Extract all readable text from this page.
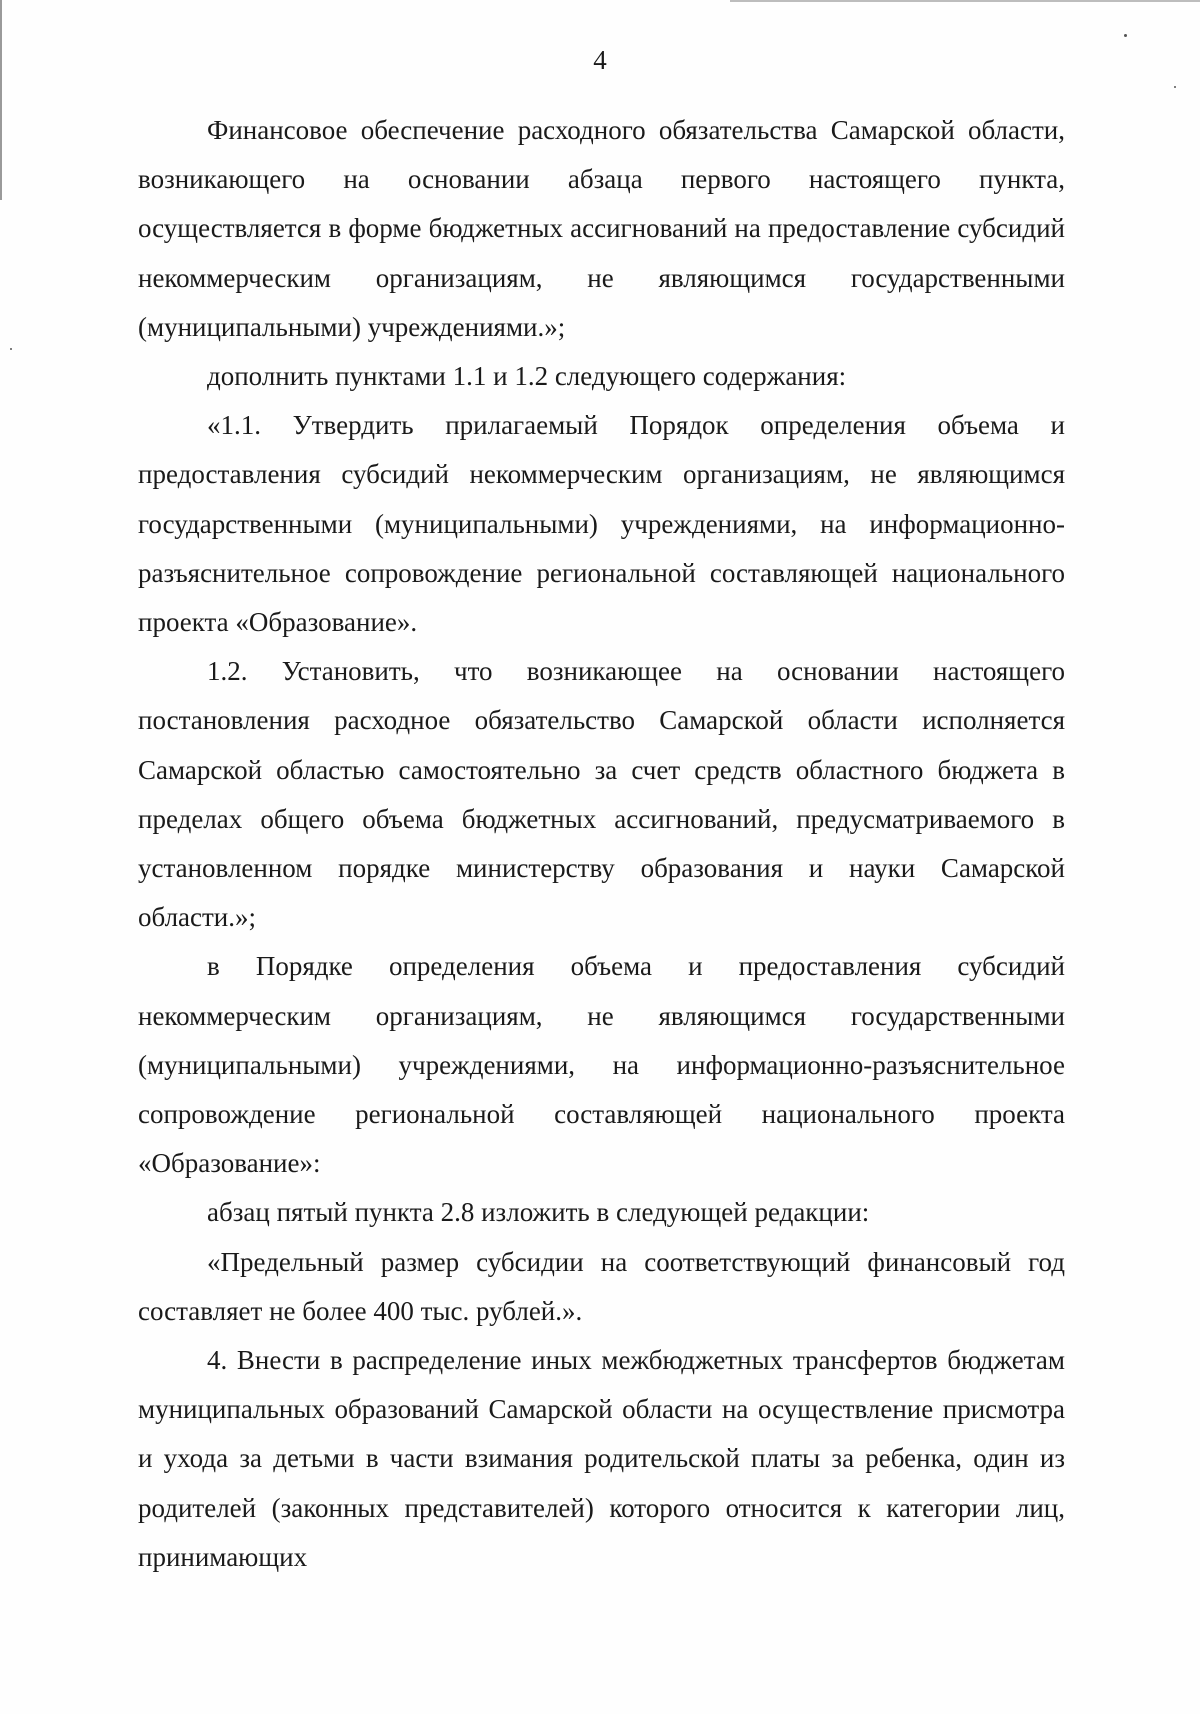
4

Финансовое обеспечение расходного обязательства Самарской области, возникающего на основании абзаца первого настоящего пункта, осуществляется в форме бюджетных ассигнований на предоставление субсидий некоммерческим организациям, не являющимся государственными (муниципальными) учреждениями.»;

дополнить пунктами 1.1 и 1.2 следующего содержания:

«1.1. Утвердить прилагаемый Порядок определения объема и предоставления субсидий некоммерческим организациям, не являющимся государственными (муниципальными) учреждениями, на информационно-разъяснительное сопровождение региональной составляющей национального проекта «Образование».

1.2. Установить, что возникающее на основании настоящего постановления расходное обязательство Самарской области исполняется Самарской областью самостоятельно за счет средств областного бюджета в пределах общего объема бюджетных ассигнований, предусматриваемого в установленном порядке министерству образования и науки Самарской области.»;

в Порядке определения объема и предоставления субсидий некоммерческим организациям, не являющимся государственными (муниципальными) учреждениями, на информационно-разъяснительное сопровождение региональной составляющей национального проекта «Образование»:

абзац пятый пункта 2.8 изложить в следующей редакции:

«Предельный размер субсидии на соответствующий финансовый год составляет не более 400 тыс. рублей.».

4. Внести в распределение иных межбюджетных трансфертов бюджетам муниципальных образований Самарской области на осуществление присмотра и ухода за детьми в части взимания родительской платы за ребенка, один из родителей (законных представителей) которого относится к категории лиц, принимающих
